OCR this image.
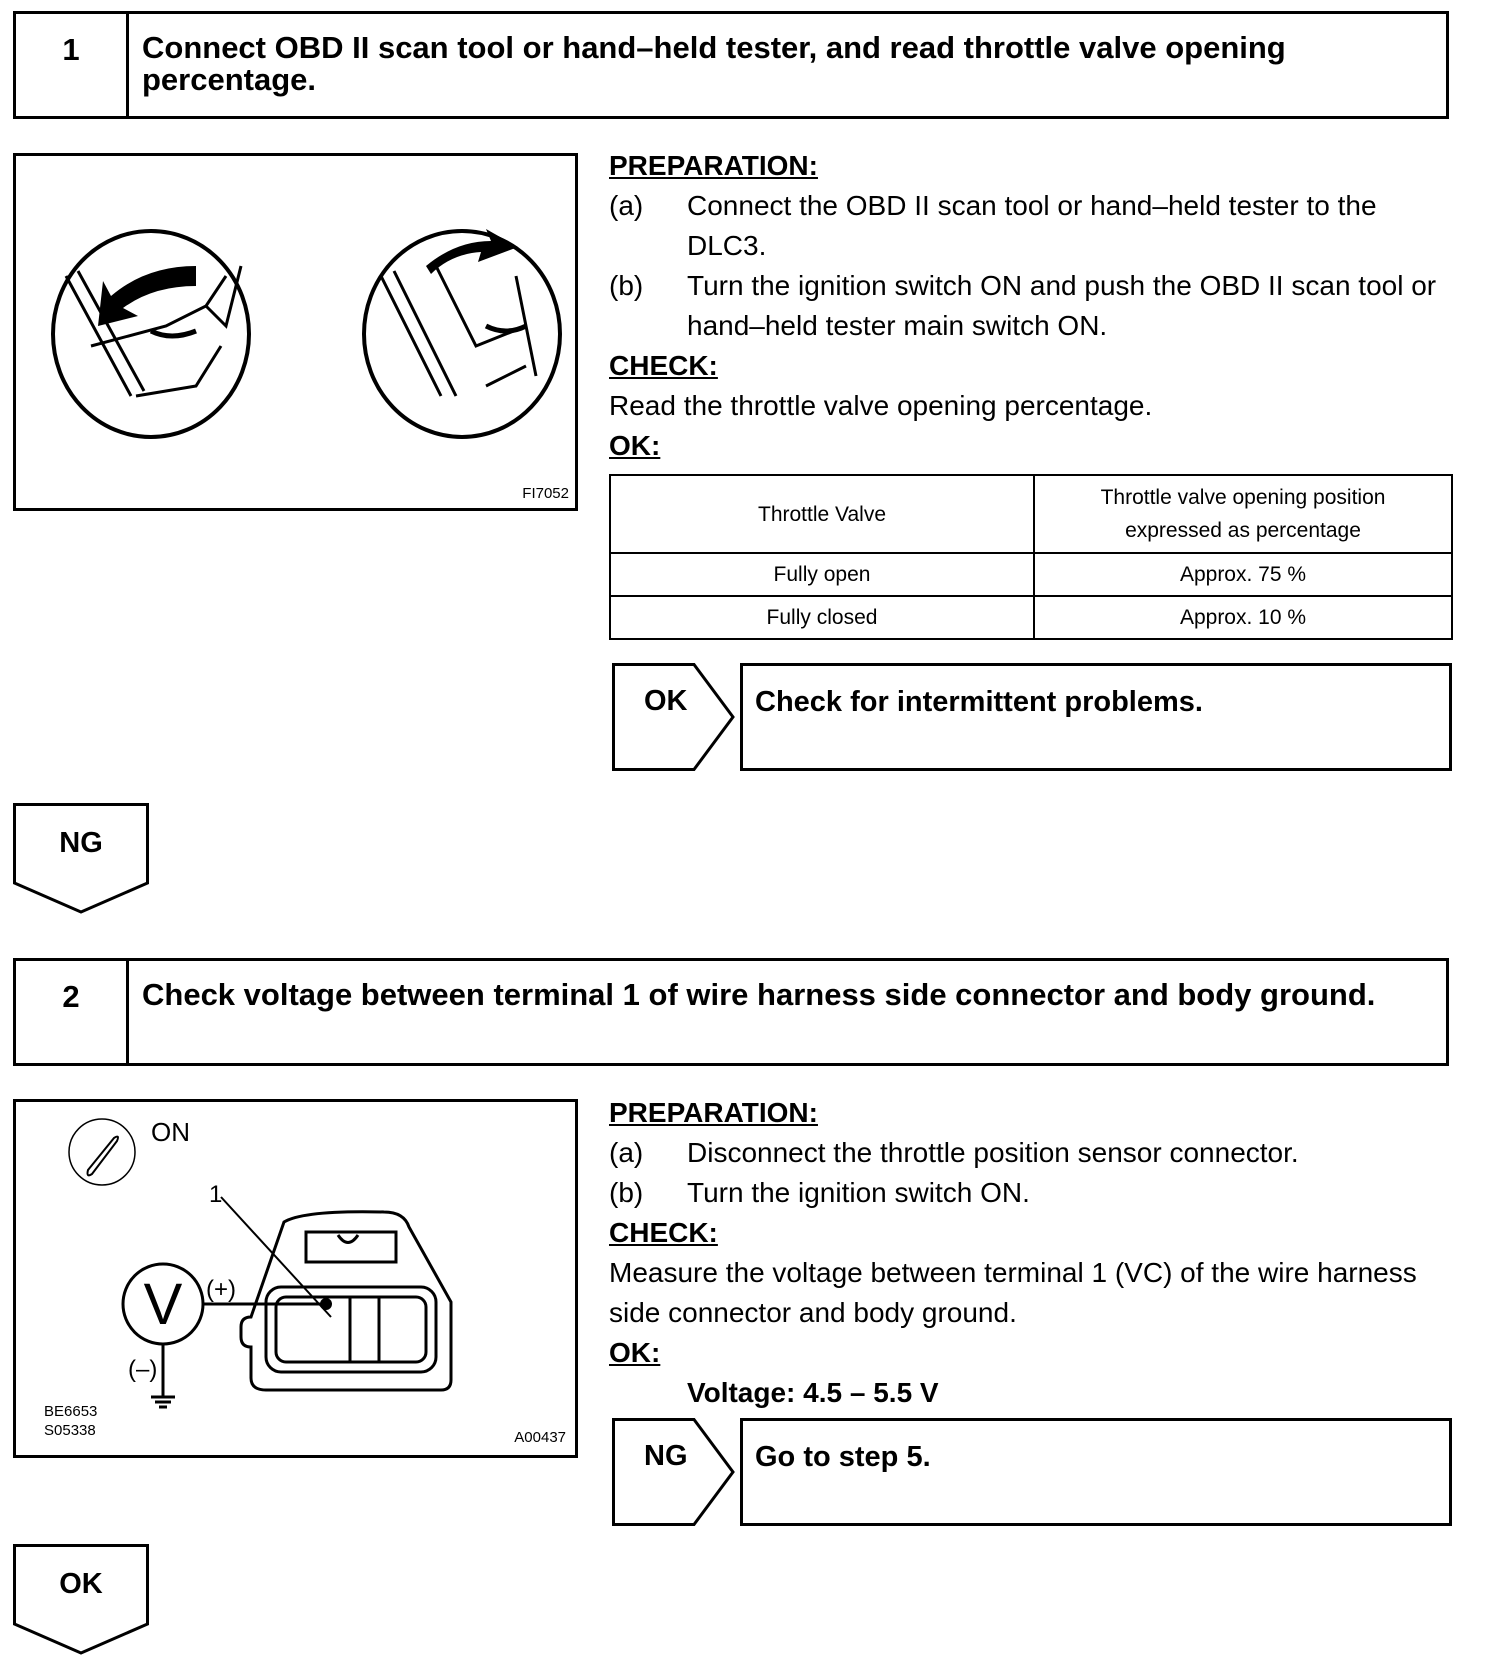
1	Connect OBD II scan tool or hand–held tester, and read throttle valve opening percentage.
FI7052
PREPARATION:
(a)	Connect the OBD II scan tool or hand–held tester to the DLC3.
(b)	Turn the ignition switch ON and push the OBD II scan tool or hand–held tester main switch ON.
CHECK:
Read the throttle valve opening percentage.
OK:
Throttle Valve	Throttle valve opening position expressed as percentage
Fully open	Approx. 75 %
Fully closed	Approx. 10 %
OK	Check for intermittent problems.
NG
2	Check voltage between terminal 1 of wire harness side connector and body ground.
V
ON
1
(+)
(–)
BE6653
S05338	A00437
PREPARATION:
(a)	Disconnect the throttle position sensor connector.
(b)	Turn the ignition switch ON.
CHECK:
Measure the voltage between terminal 1 (VC) of the wire harness side connector and body ground.
OK:
Voltage: 4.5 – 5.5 V
NG	Go to step 5.
OK
